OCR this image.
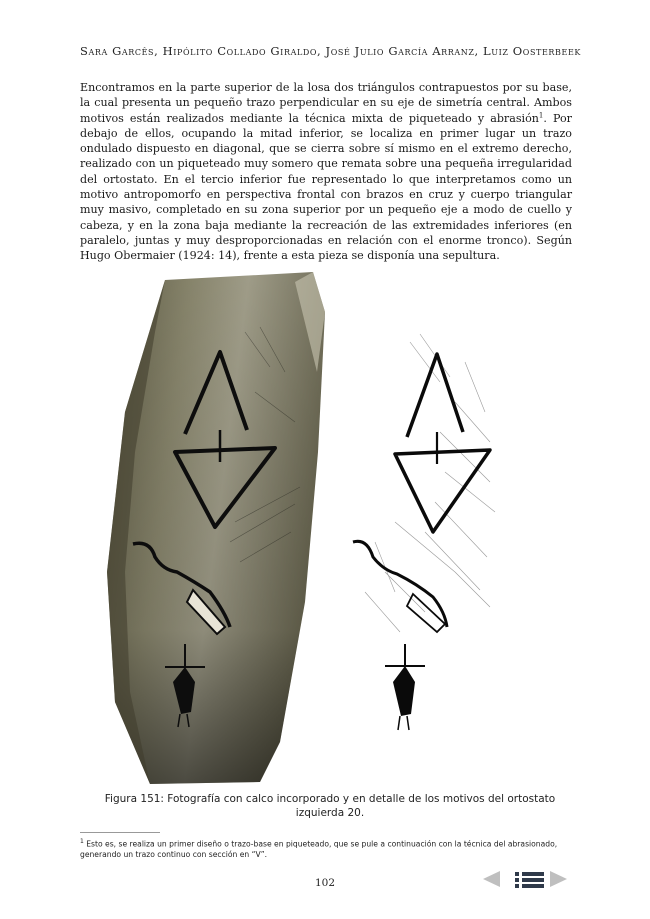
Sara Garcês, Hipólito Collado Giraldo, José Julio García Arranz, Luiz Oosterbeek
Encontramos en la parte superior de la losa dos triángulos contrapuestos por su base, la cual presenta un pequeño trazo perpendicular en su eje de simetría central. Ambos motivos están realizados mediante la técnica mixta de piqueteado y abrasión$^1$. Por debajo de ellos, ocupando la mitad inferior, se localiza en primer lugar un trazo ondulado dispuesto en diagonal, que se cierra sobre sí mismo en el extremo derecho, realizado con un piqueteado muy somero que remata sobre una pequeña irregularidad del ortostato. En el tercio inferior fue representado lo que interpretamos como un motivo antropomorfo en perspectiva frontal con brazos en cruz y cuerpo triangular muy masivo, completado en su zona superior por un pequeño eje a modo de cuello y cabeza, y en la zona baja mediante la recreación de las extremidades inferiores (en paralelo, juntas y muy desproporcionadas en relación con el enorme tronco). Según Hugo Obermaier (1924: 14), frente a esta pieza se disponía una sepultura.
Figura 151: Fotografía con calco incorporado y en detalle de los motivos del ortostato izquierda 20.
$^1$ Esto es, se realiza un primer diseño o trazo-base en piqueteado, que se pule a continuación con la técnica del abrasionado, generando un trazo continuo con sección en “V”.
102
